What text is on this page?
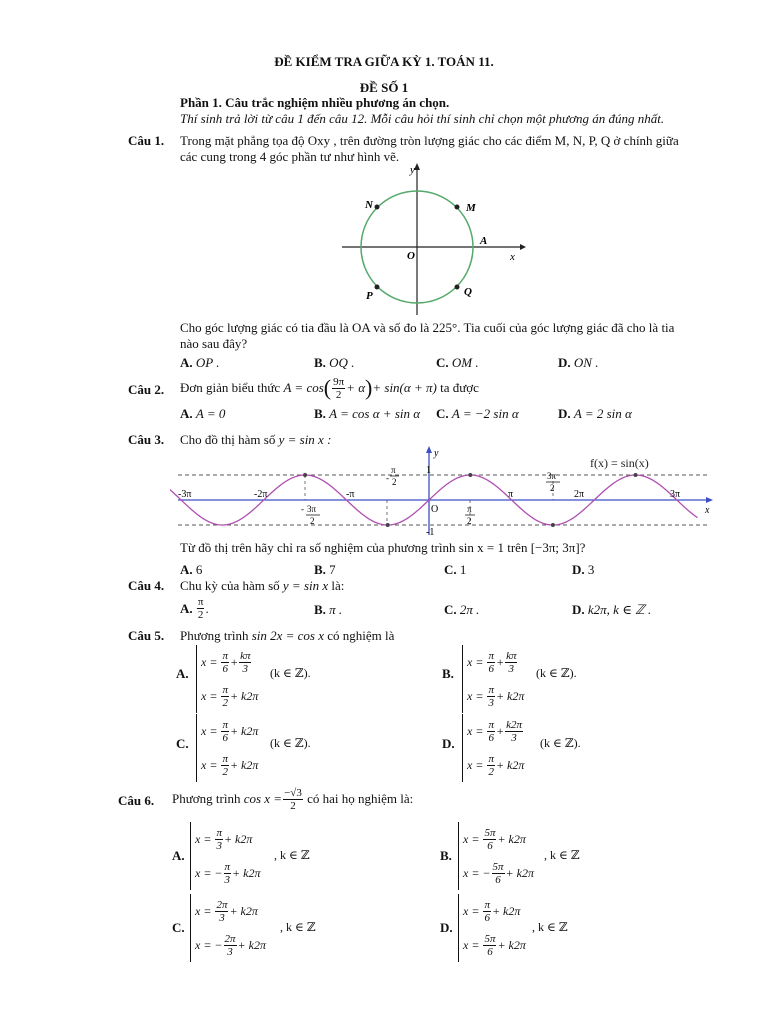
ĐỀ KIỂM TRA GIỮA KỲ 1. TOÁN 11.
ĐỀ SỐ 1
Phần 1. Câu trắc nghiệm nhiều phương án chọn.
Thí sinh trả lời từ câu 1 đến câu 12. Mỗi câu hỏi thí sinh chỉ chọn một phương án đúng nhất.
Câu 1. Trong mặt phẳng tọa độ Oxy , trên đường tròn lượng giác cho các điểm M, N, P, Q ở chính giữa
các cung trong 4 góc phần tư như hình vẽ.
y
x
O
A
M
N
P	Q
Cho góc lượng giác có tia đầu là OA và số đo là 225°. Tia cuối của góc lượng giác đã cho là tia
nào sau đây?
A. OP .	B. OQ .	C. OM .	D. ON .
Câu 2. Đơn giản biểu thức
A = cos ( $\frac{9\pi}{2} + \alpha$ ) + sin(α + π)
ta được
A. A = 0	B. A = cos α + sin α C. A = −2 sin α	D. A = 2 sin α
Câu 3. Cho đồ thị hàm số y = sin x :
f(x) = sin(x)
y
x
O
1
-1
-3π	-2π	-π	π	2π	3π
-
π
2
3π
2
- 3π
2
π
2
Từ đồ thị trên hãy chỉ ra số nghiệm của phương trình sin x = 1 trên [−3π; 3π]?
A. 6	B. 7	C. 1	D. 3
Câu 4. Chu kỳ của hàm số y = sin x là:
A.
$\frac{\pi}{2}$ .	B. π .	C. 2π .	D. k2π, k ∈ ℤ .
Câu 5. Phương trình sin 2x = cos x có nghiệm là
A.
x =
$\frac{\pi}{6} + \frac{k\pi}{3}$
x =
$\frac{\pi}{2} + k2\pi$
(k ∈ ℤ).	B.
x =
$\frac{\pi}{6} + \frac{k\pi}{3}$
x =
$\frac{\pi}{3} + k2\pi$
(k ∈ ℤ).
C.
x =
$\frac{\pi}{6} + k2\pi$
x =
$\frac{\pi}{2} + k2\pi$
(k ∈ ℤ).	D.
x =
$\frac{\pi}{6} + \frac{k2\pi}{3}$
x =
$\frac{\pi}{2} + k2\pi$
(k ∈ ℤ).
Câu 6. Phương trình
$\cos x = \frac{-√3}{2}$
có hai họ nghiệm là:
A.
x =
$\frac{\pi}{3} + k2\pi$
x = − $\frac{\pi}{3} + k2\pi$
, k ∈ ℤ	B.
x =
$\frac{5\pi}{6} + k2\pi$
x = − $\frac{5\pi}{6} + k2\pi$
, k ∈ ℤ
C.
x =
$\frac{2\pi}{3} + k2\pi$
x = − $\frac{2\pi}{3} + k2\pi$
, k ∈ ℤ	D.
x =
$\frac{\pi}{6} + k2\pi$
x =
$\frac{5\pi}{6} + k2\pi$
, k ∈ ℤ
